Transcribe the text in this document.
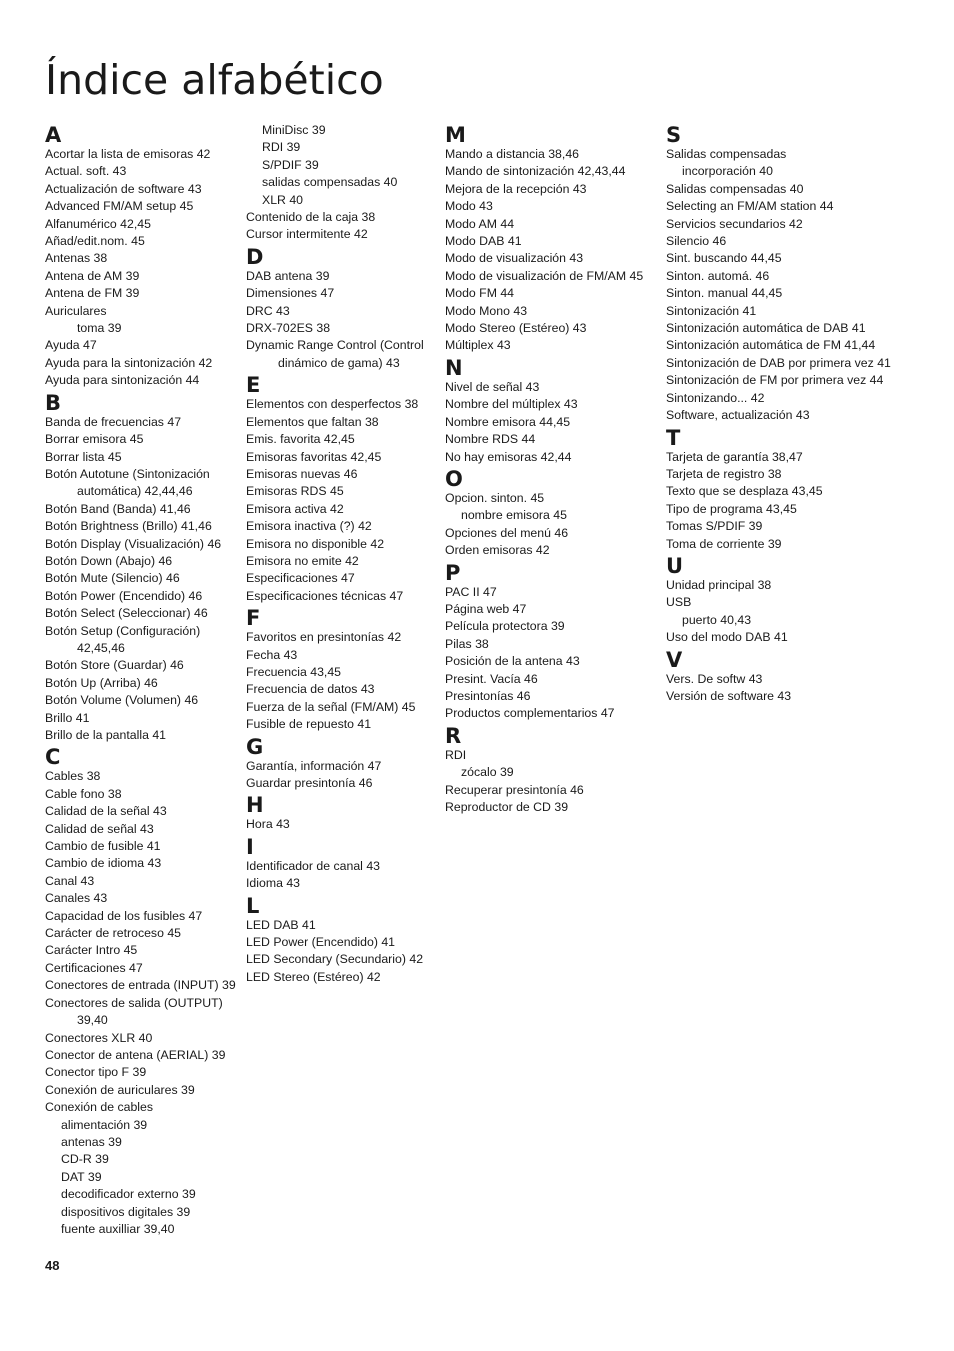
Índice alfabético
A
Acortar la lista de emisoras 42
Actual. soft. 43
Actualización de software 43
Advanced FM/AM setup 45
Alfanumérico 42,45
Añad/edit.nom. 45
Antenas 38
Antena de AM 39
Antena de FM 39
Auriculares
toma 39
Ayuda 47
Ayuda para la sintonización 42
Ayuda para sintonización 44
B
Banda de frecuencias 47
Borrar emisora 45
Borrar lista 45
Botón Autotune (Sintonización
automática) 42,44,46
Botón Band (Banda) 41,46
Botón Brightness (Brillo) 41,46
Botón Display (Visualización) 46
Botón Down (Abajo) 46
Botón Mute (Silencio) 46
Botón Power (Encendido) 46
Botón Select (Seleccionar) 46
Botón Setup (Configuración)
42,45,46
Botón Store (Guardar) 46
Botón Up (Arriba) 46
Botón Volume (Volumen) 46
Brillo 41
Brillo de la pantalla 41
C
Cables 38
Cable fono 38
Calidad de la señal 43
Calidad de señal 43
Cambio de fusible 41
Cambio de idioma 43
Canal 43
Canales 43
Capacidad de los fusibles 47
Carácter de retroceso 45
Carácter Intro 45
Certificaciones 47
Conectores de entrada (INPUT) 39
Conectores de salida (OUTPUT)
39,40
Conectores XLR 40
Conector de antena (AERIAL) 39
Conector tipo F 39
Conexión de auriculares 39
Conexión de cables
alimentación 39
antenas 39
CD-R 39
DAT 39
decodificador externo 39
dispositivos digitales 39
fuente auxilliar 39,40
MiniDisc 39
RDI 39
S/PDIF 39
salidas compensadas 40
XLR 40
Contenido de la caja 38
Cursor intermitente 42
D
DAB antena 39
Dimensiones 47
DRC 43
DRX-702ES 38
Dynamic Range Control (Control
dinámico de gama) 43
E
Elementos con desperfectos 38
Elementos que faltan 38
Emis. favorita 42,45
Emisoras favoritas 42,45
Emisoras nuevas 46
Emisoras RDS 45
Emisora activa 42
Emisora inactiva (?) 42
Emisora no disponible 42
Emisora no emite 42
Especificaciones 47
Especificaciones técnicas 47
F
Favoritos en presintonías 42
Fecha 43
Frecuencia 43,45
Frecuencia de datos 43
Fuerza de la señal (FM/AM) 45
Fusible de repuesto 41
G
Garantía, información 47
Guardar presintonía 46
H
Hora 43
I
Identificador de canal 43
Idioma 43
L
LED DAB 41
LED Power (Encendido) 41
LED Secondary (Secundario) 42
LED Stereo (Estéreo) 42
M
Mando a distancia 38,46
Mando de sintonización 42,43,44
Mejora de la recepción 43
Modo 43
Modo AM 44
Modo DAB 41
Modo de visualización 43
Modo de visualización de FM/AM 45
Modo FM 44
Modo Mono 43
Modo Stereo (Estéreo) 43
Múltiplex 43
N
Nivel de señal 43
Nombre del múltiplex 43
Nombre emisora 44,45
Nombre RDS 44
No hay emisoras 42,44
O
Opcion. sinton. 45
nombre emisora 45
Opciones del menú 46
Orden emisoras 42
P
PAC II 47
Página web 47
Película protectora 39
Pilas 38
Posición de la antena 43
Presint. Vacía 46
Presintonías 46
Productos complementarios 47
R
RDI
zócalo 39
Recuperar presintonía 46
Reproductor de CD 39
S
Salidas compensadas
incorporación 40
Salidas compensadas 40
Selecting an FM/AM station 44
Servicios secundarios 42
Silencio 46
Sint. buscando 44,45
Sinton. automá. 46
Sinton. manual 44,45
Sintonización 41
Sintonización automática de DAB 41
Sintonización automática de FM 41,44
Sintonización de DAB por primera vez 41
Sintonización de FM por primera vez 44
Sintonizando... 42
Software, actualización 43
T
Tarjeta de garantía 38,47
Tarjeta de registro 38
Texto que se desplaza 43,45
Tipo de programa 43,45
Tomas S/PDIF 39
Toma de corriente 39
U
Unidad principal 38
USB
puerto 40,43
Uso del modo DAB 41
V
Vers. De softw 43
Versión de software 43
48
